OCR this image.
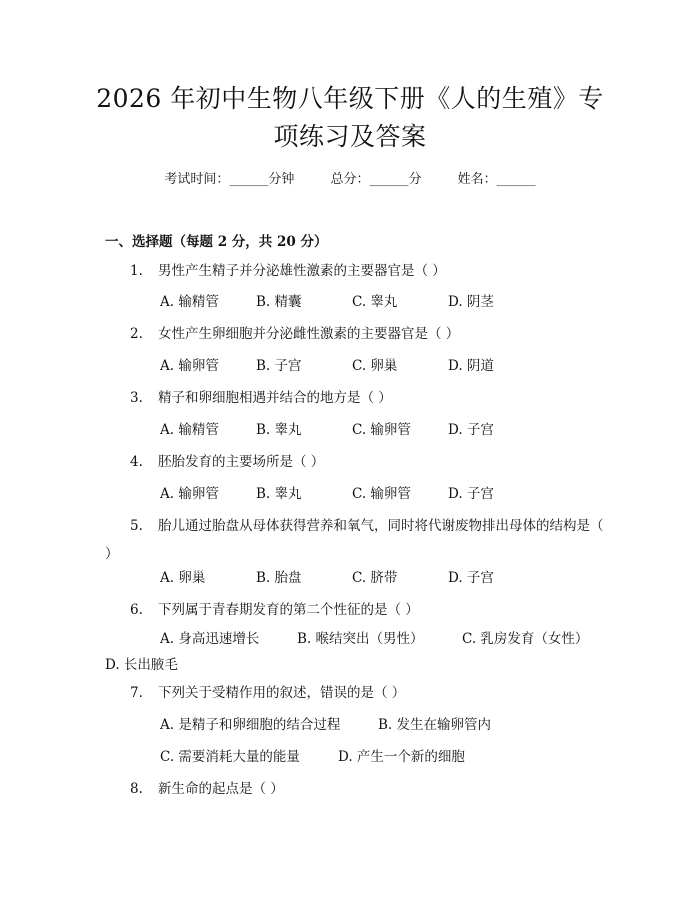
2026 年初中生物八年级下册《人的生殖》专
项练习及答案
考试时间：______分钟	总分：______分	姓名：______
一、选择题（每题 2 分，共 20 分）
1. 男性产生精子并分泌雄性激素的主要器官是（ ）
A. 输精管	B. 精囊	C. 睾丸	D. 阴茎
2. 女性产生卵细胞并分泌雌性激素的主要器官是（ ）
A. 输卵管	B. 子宫	C. 卵巢	D. 阴道
3. 精子和卵细胞相遇并结合的地方是（ ）
A. 输精管	B. 睾丸	C. 输卵管	D. 子宫
4. 胚胎发育的主要场所是（ ）
A. 输卵管	B. 睾丸	C. 输卵管	D. 子宫
5. 胎儿通过胎盘从母体获得营养和氧气，同时将代谢废物排出母体的结构是（ ）
A. 卵巢	B. 胎盘	C. 脐带	D. 子宫
6. 下列属于青春期发育的第二个性征的是（ ）
A. 身高迅速增长	B. 喉结突出（男性）	C. 乳房发育（女性）
D. 长出腋毛
7. 下列关于受精作用的叙述，错误的是（ ）
A. 是精子和卵细胞的结合过程	B. 发生在输卵管内
C. 需要消耗大量的能量	D. 产生一个新的细胞
8. 新生命的起点是（ ）
